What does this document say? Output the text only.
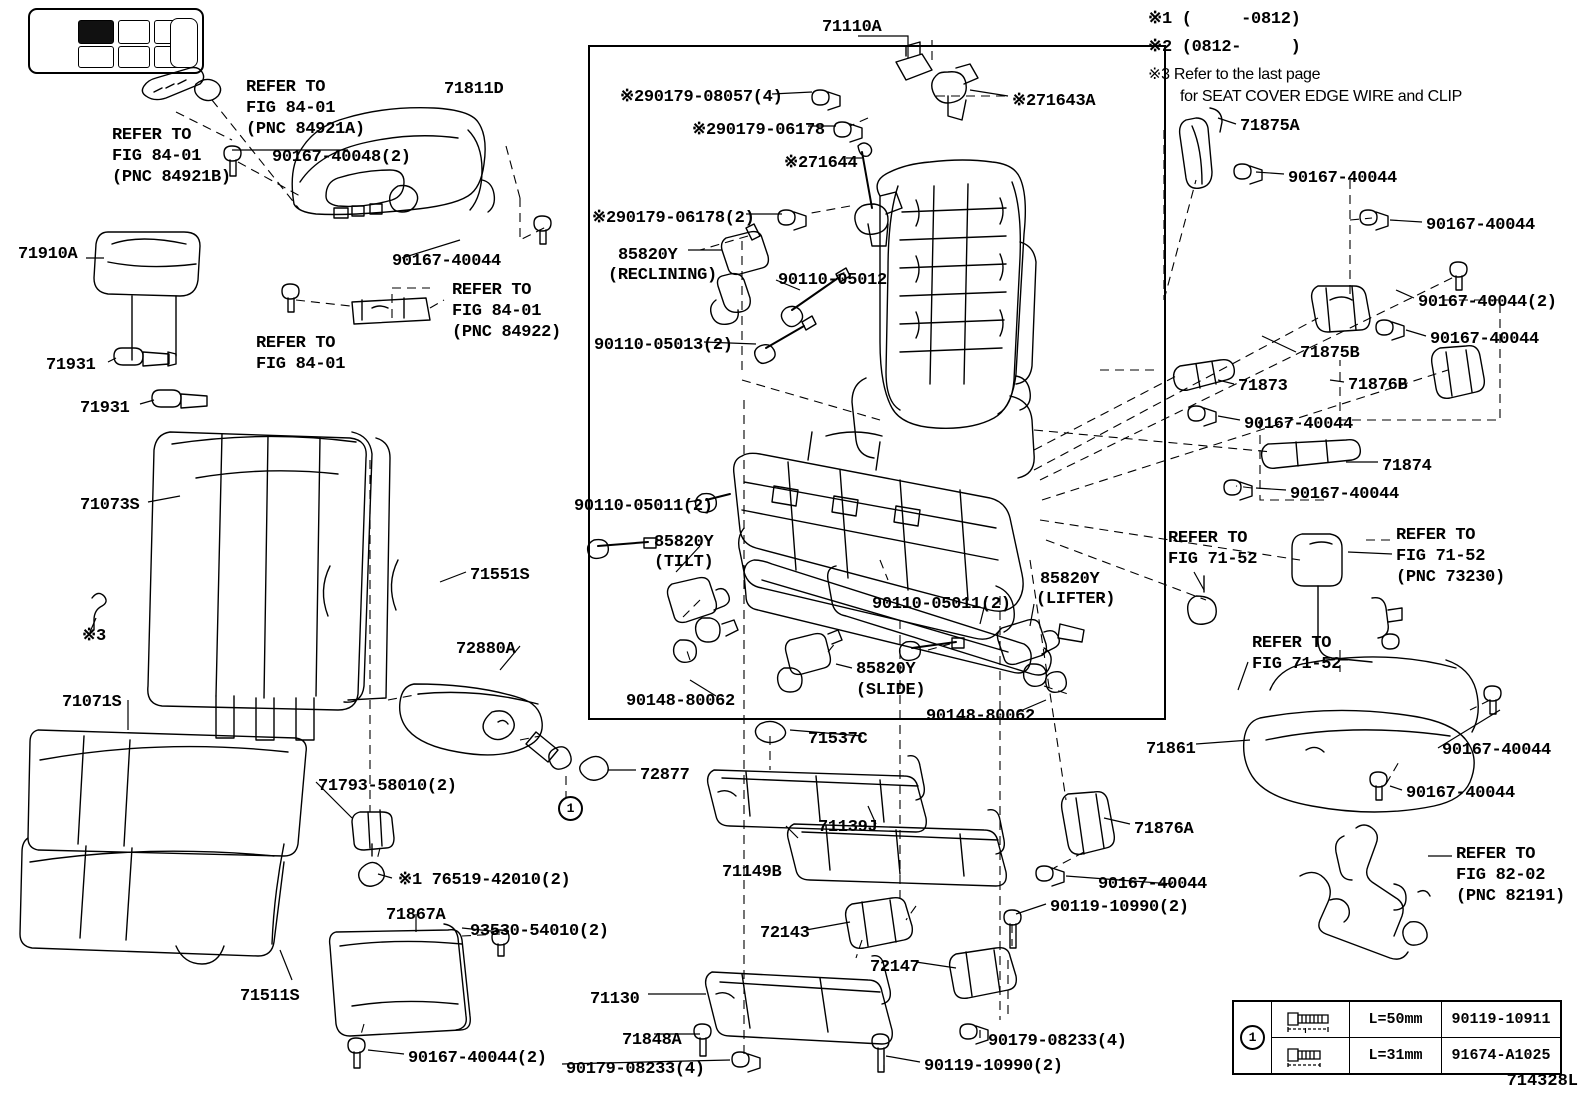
1
1	L
L=50mm	90119-10911
L=31mm	91674-A1025
※1 (     -0812)
※2 (0812-     )
※3 Refer to the last page
for SEAT COVER EDGE WIRE and CLIP
714328L
71110A
71811D
REFER TO
FIG 84-01
(PNC 84921A)
REFER TO
FIG 84-01
(PNC 84921B)
90167-40048(2)
90167-40044
REFER TO
FIG 84-01
REFER TO
FIG 84-01
(PNC 84922)
71910A
71931
71931
71073S
71551S
※3
71071S
71511S
72880A
71793-58010(2)
※1 76519-42010(2)
72877
71867A
93530-54010(2)
90167-40044(2)
71848A
90179-08233(4)
71130
72143
72147
90179-08233(4)
90119-10990(2)
90119-10990(2)
71149B
71139J
71537C
71876A
90167-40044
※290179-08057(4)
※290179-06178
※271644
※271643A
※290179-06178(2)
85820Y
(RECLINING)	90110-05012
90110-05013(2)
90110-05011(2)
85820Y
(TILT)
90148-80062
85820Y
(SLIDE)
90110-05011(2)
85820Y
(LIFTER)
90148-80062
71875A
90167-40044
90167-40044
90167-40044(2)
90167-40044
71875B
71876B
71873
90167-40044
71874
90167-40044
REFER TO
FIG 71-52
REFER TO
FIG 71-52
(PNC 73230)
REFER TO
FIG 71-52
71861	90167-40044
90167-40044
REFER TO
FIG 82-02
(PNC 82191)
